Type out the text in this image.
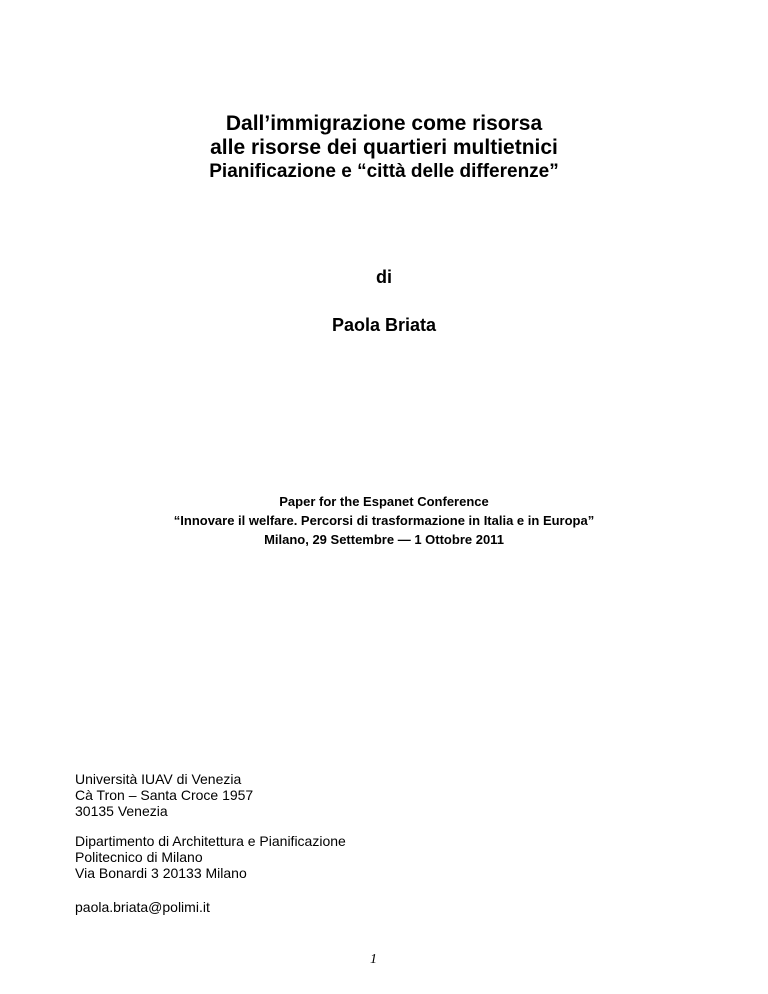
Dall’immigrazione come risorsa
alle risorse dei quartieri multietnici
Pianificazione e “città delle differenze”
di
Paola Briata
Paper for the Espanet Conference
“Innovare il welfare. Percorsi di trasformazione in Italia e in Europa”
Milano, 29 Settembre — 1 Ottobre 2011
Università IUAV di Venezia
Cà Tron – Santa Croce 1957
30135 Venezia
Dipartimento di Architettura e Pianificazione
Politecnico di Milano
Via Bonardi 3 20133 Milano
paola.briata@polimi.it
1
